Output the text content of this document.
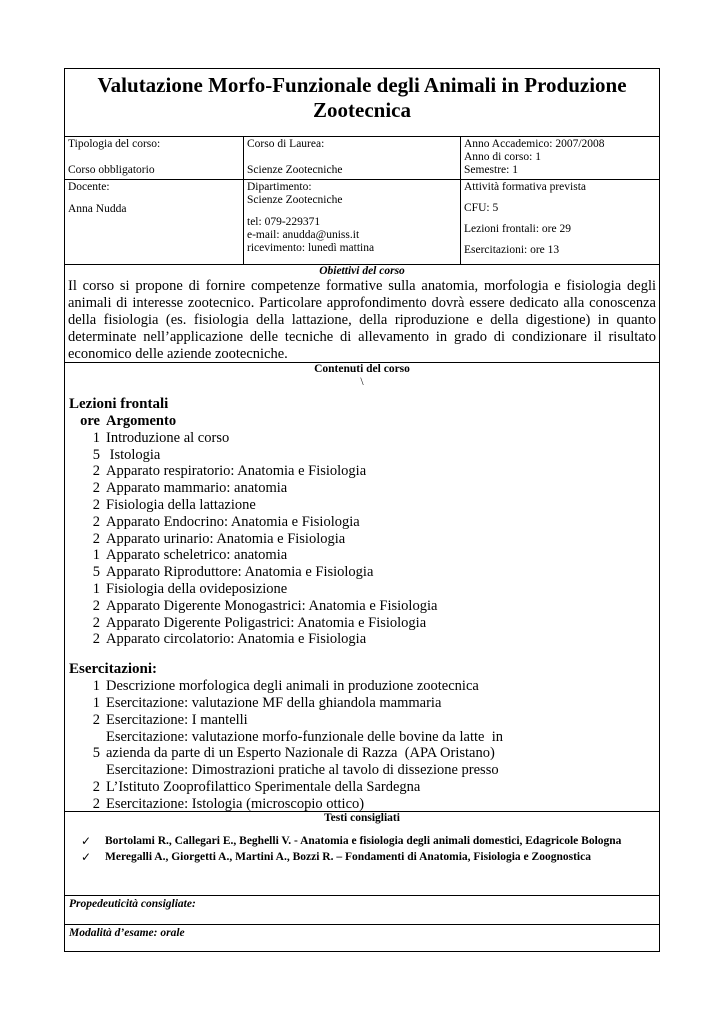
Valutazione Morfo-Funzionale degli Animali in Produzione Zootecnica
Tipologia del corso:
Corso obbligatorio
Corso di Laurea:
Scienze Zootecniche
Anno Accademico: 2007/2008
Anno di corso: 1
Semestre: 1
Docente:
Anna Nudda
Dipartimento:
Scienze Zootecniche
tel: 079-229371
e-mail: anudda@uniss.it
ricevimento: lunedì mattina
Attività formativa prevista
CFU: 5
Lezioni frontali: ore 29
Esercitazioni: ore 13
Obiettivi del corso

Il corso si propone di fornire competenze formative sulla anatomia, morfologia e fisiologia degli animali di interesse zootecnico. Particolare approfondimento dovrà essere dedicato alla conoscenza della fisiologia (es. fisiologia della lattazione, della riproduzione e della digestione) in quanto determinate nell’applicazione delle tecniche di allevamento in grado di condizionare il risultato economico delle aziende zootecniche.

Contenuti del corso
\
Lezioni frontali
ore	Argomento
1	Introduzione al corso
5	Istologia
2	Apparato respiratorio: Anatomia e Fisiologia
2	Apparato mammario: anatomia
2	Fisiologia della lattazione
2	Apparato Endocrino: Anatomia e Fisiologia
2	Apparato urinario: Anatomia e Fisiologia
1	Apparato scheletrico: anatomia
5	Apparato Riproduttore: Anatomia e Fisiologia
1	Fisiologia della ovideposizione
2	Apparato Digerente Monogastrici: Anatomia e Fisiologia
2	Apparato Digerente Poligastrici: Anatomia e Fisiologia
2	Apparato circolatorio: Anatomia e Fisiologia
Esercitazioni:
1	Descrizione morfologica degli animali in produzione zootecnica
1	Esercitazione: valutazione MF della ghiandola mammaria
2	Esercitazione: I mantelli
	Esercitazione: valutazione morfo-funzionale delle bovine da latte  in
5	azienda da parte di un Esperto Nazionale di Razza  (APA Oristano)
	Esercitazione: Dimostrazioni pratiche al tavolo di dissezione presso
2	L’Istituto Zooprofilattico Sperimentale della Sardegna
2	Esercitazione: Istologia (microscopio ottico)
Testi consigliati
✓ Bortolami R., Callegari E., Beghelli V. - Anatomia e fisiologia degli animali domestici, Edagricole Bologna
✓ Meregalli A., Giorgetti A., Martini A., Bozzi R. – Fondamenti di Anatomia, Fisiologia e Zoognostica
Propedeuticità consigliate:
Modalità d’esame: orale
